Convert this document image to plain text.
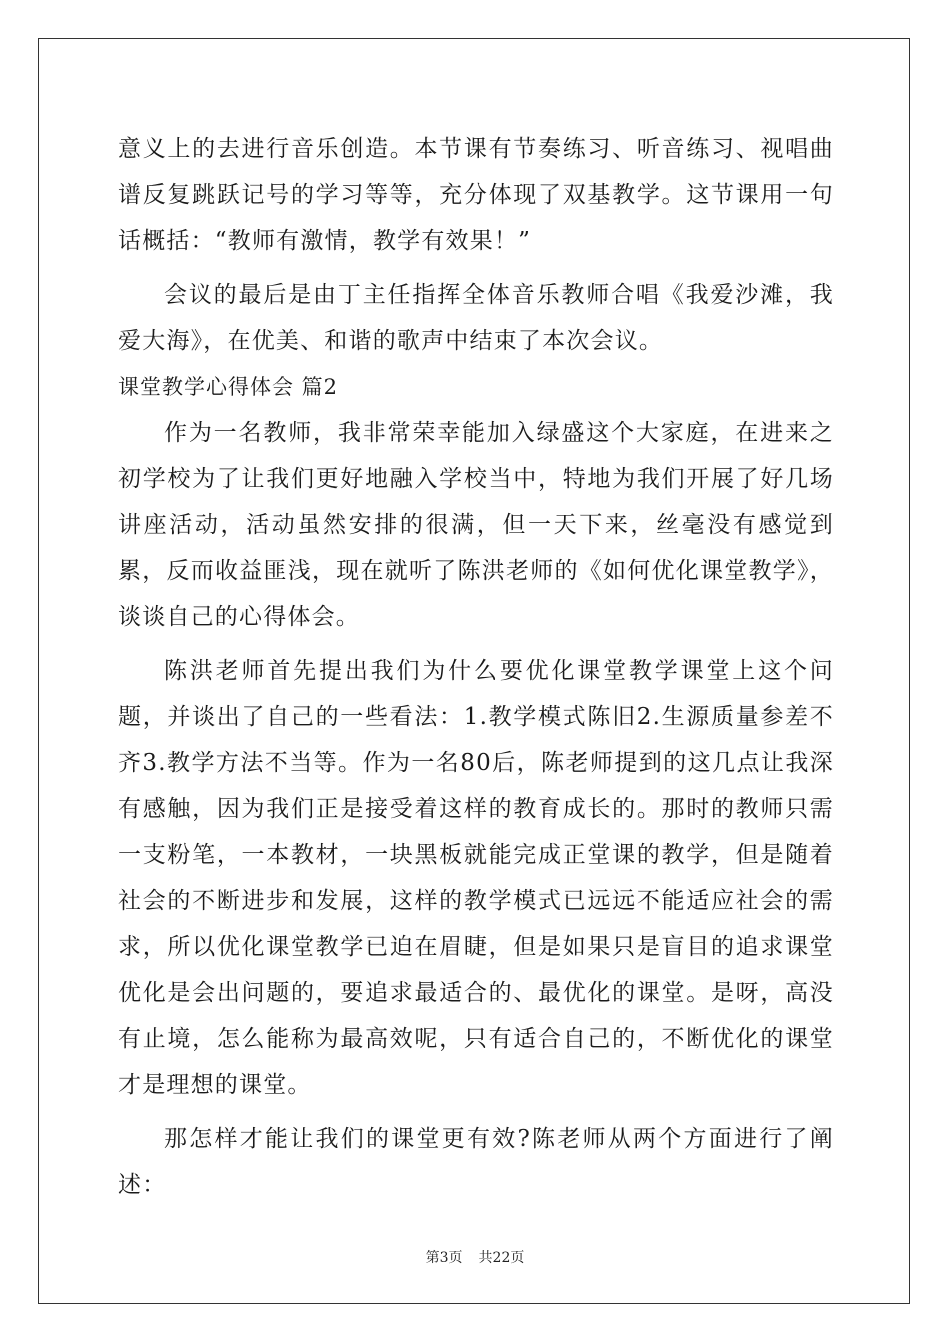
意义上的去进行音乐创造。本节课有节奏练习、听音练习、视唱曲谱反复跳跃记号的学习等等，充分体现了双基教学。这节课用一句话概括：“教师有激情，教学有效果！”

会议的最后是由丁主任指挥全体音乐教师合唱《我爱沙滩，我爱大海》，在优美、和谐的歌声中结束了本次会议。

课堂教学心得体会 篇2

作为一名教师，我非常荣幸能加入绿盛这个大家庭，在进来之初学校为了让我们更好地融入学校当中，特地为我们开展了好几场讲座活动，活动虽然安排的很满，但一天下来，丝毫没有感觉到累，反而收益匪浅，现在就听了陈洪老师的《如何优化课堂教学》，谈谈自己的心得体会。

陈洪老师首先提出我们为什么要优化课堂教学课堂上这个问题，并谈出了自己的一些看法：1.教学模式陈旧2.生源质量参差不齐3.教学方法不当等。作为一名80后，陈老师提到的这几点让我深有感触，因为我们正是接受着这样的教育成长的。那时的教师只需一支粉笔，一本教材，一块黑板就能完成正堂课的教学，但是随着社会的不断进步和发展，这样的教学模式已远远不能适应社会的需求，所以优化课堂教学已迫在眉睫，但是如果只是盲目的追求课堂优化是会出问题的，要追求最适合的、最优化的课堂。是呀，高没有止境，怎么能称为最高效呢，只有适合自己的，不断优化的课堂才是理想的课堂。

那怎样才能让我们的课堂更有效?陈老师从两个方面进行了阐述：

第3页 共22页
